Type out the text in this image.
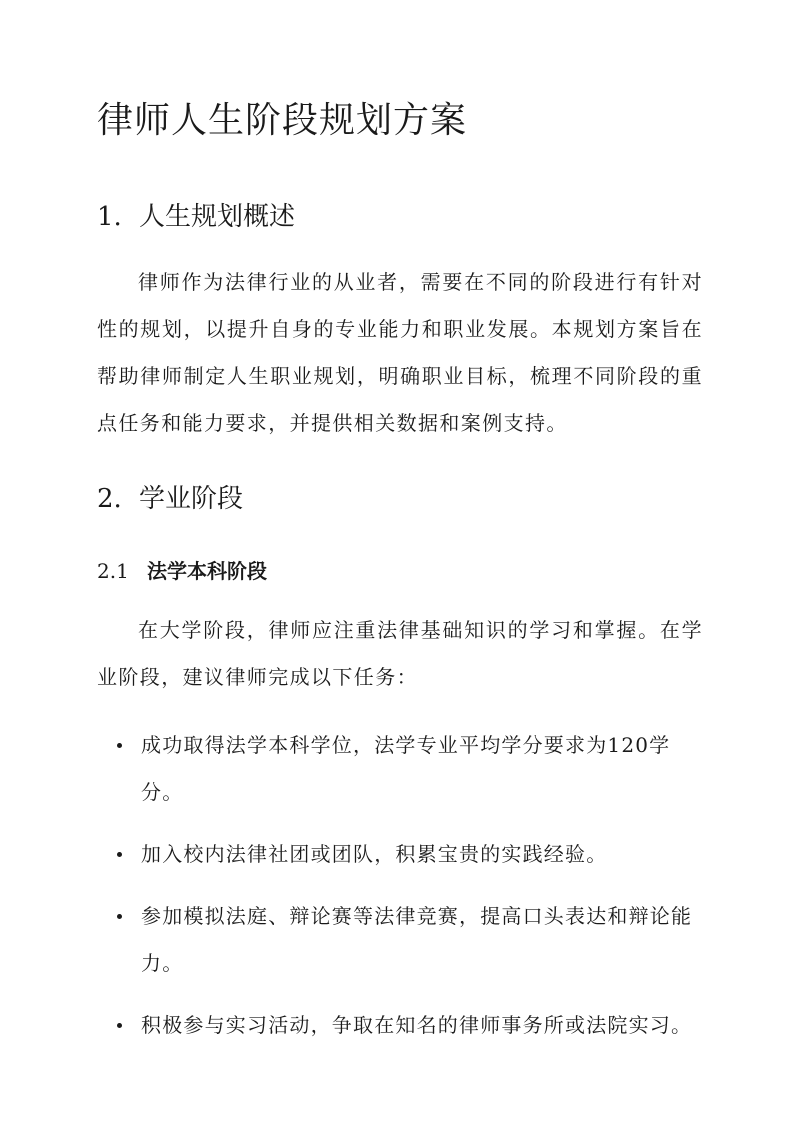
律师人生阶段规划方案
1. 人生规划概述

律师作为法律行业的从业者，需要在不同的阶段进行有针对性的规划，以提升自身的专业能力和职业发展。本规划方案旨在帮助律师制定人生职业规划，明确职业目标，梳理不同阶段的重点任务和能力要求，并提供相关数据和案例支持。

2. 学业阶段
2.1 法学本科阶段

在大学阶段，律师应注重法律基础知识的学习和掌握。在学业阶段，建议律师完成以下任务：

成功取得法学本科学位，法学专业平均学分要求为120学分。
加入校内法律社团或团队，积累宝贵的实践经验。
参加模拟法庭、辩论赛等法律竞赛，提高口头表达和辩论能力。
积极参与实习活动，争取在知名的律师事务所或法院实习。
